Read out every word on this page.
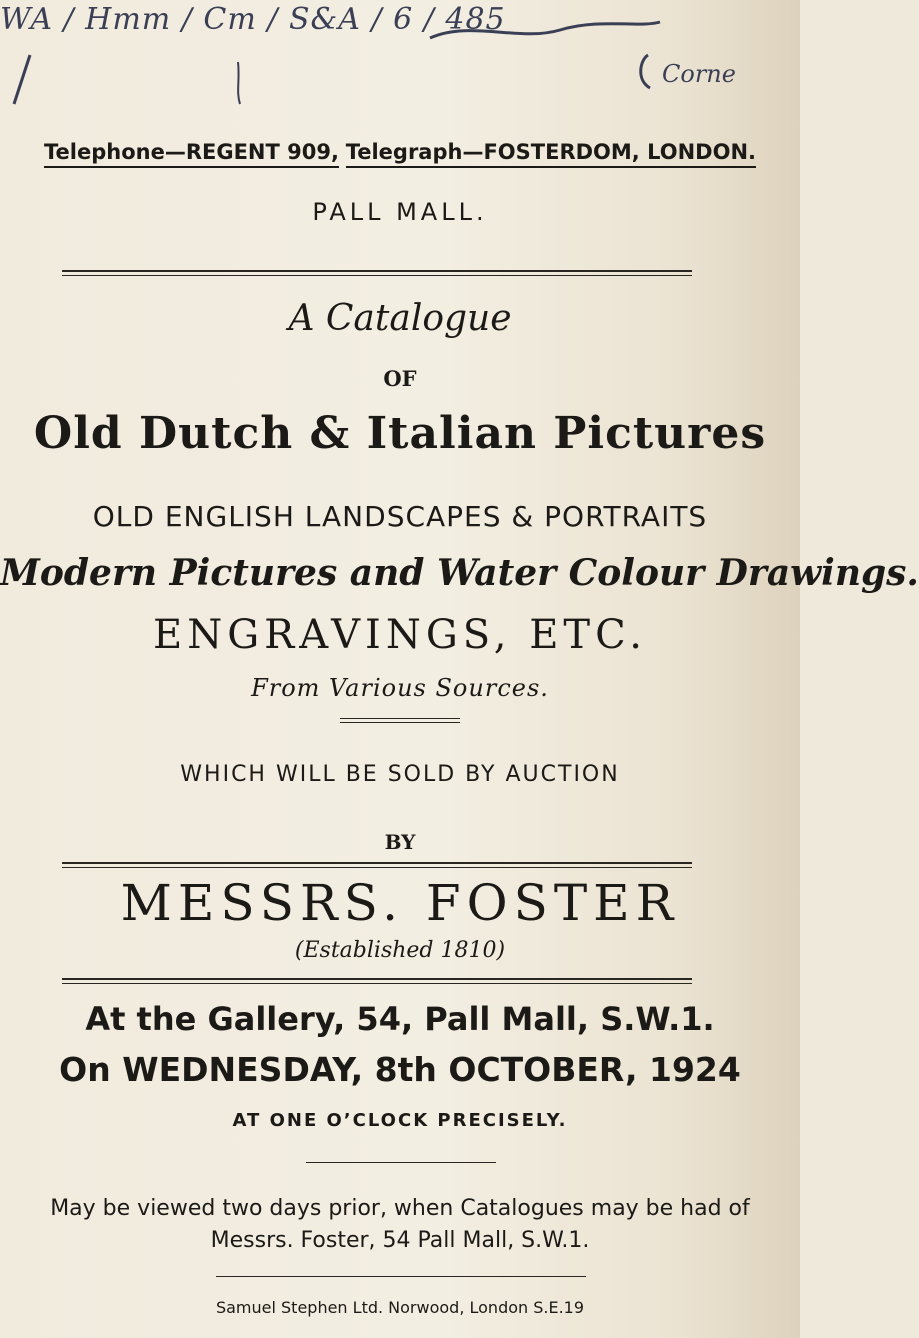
WA / Hmm / Cm / S&A / 6 / 485
Corne
Telephone—REGENT 909, Telegraph—FOSTERDOM, LONDON.
PALL MALL.
A Catalogue
OF
Old Dutch & Italian Pictures
OLD ENGLISH LANDSCAPES & PORTRAITS
Modern Pictures and Water Colour Drawings.
ENGRAVINGS, ETC.
From Various Sources.
WHICH WILL BE SOLD BY AUCTION
BY
MESSRS. FOSTER
(Established 1810)
At the Gallery, 54, Pall Mall, S.W.1.
On WEDNESDAY, 8th OCTOBER, 1924
AT ONE O’CLOCK PRECISELY.
May be viewed two days prior, when Catalogues may be had of
Messrs. Foster, 54 Pall Mall, S.W.1.
Samuel Stephen Ltd. Norwood, London S.E.19
